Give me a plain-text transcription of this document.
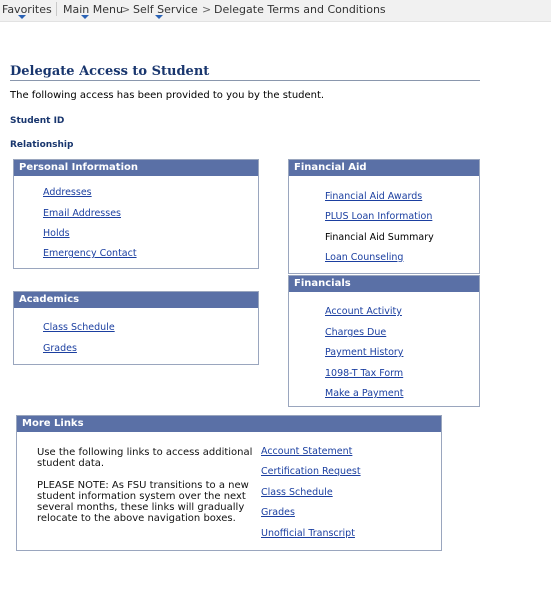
Favorites Main Menu
> Self Service > Delegate Terms and Conditions
Delegate Access to Student
The following access has been provided to you by the student.
Student ID
Relationship
Personal Information
Addresses
Email Addresses
Holds
Emergency Contact
Academics
Class Schedule
Grades
Financial Aid
Financial Aid Awards
PLUS Loan Information
Financial Aid Summary
Loan Counseling
Financials
Account Activity
Charges Due
Payment History
1098-T Tax Form
Make a Payment
More Links
Use the following links to access additional student data.
PLEASE NOTE: As FSU transitions to a new student information system over the next several months, these links will gradually relocate to the above navigation boxes.
Account Statement
Certification Request
Class Schedule
Grades
Unofficial Transcript
